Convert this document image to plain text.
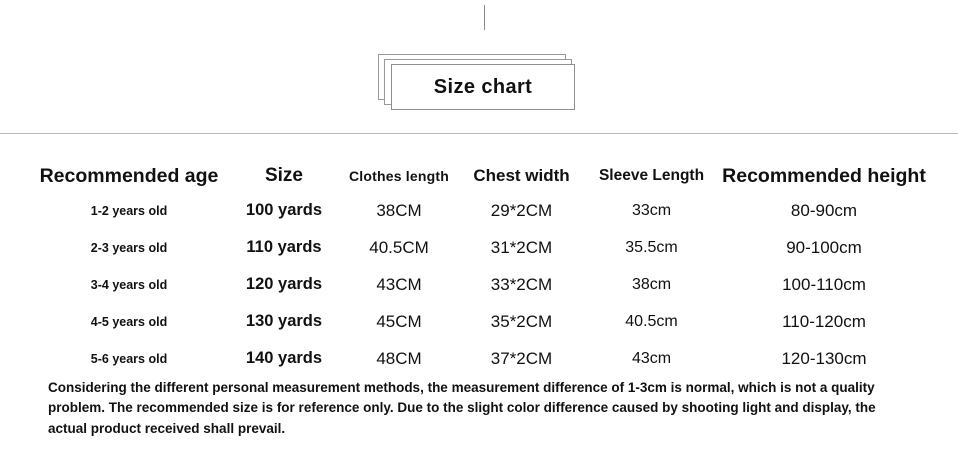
Size chart
Recommended age	Size	Clothes length	Chest width	Sleeve Length	Recommended height
1-2 years old	100 yards	38CM	29*2CM	33cm	80-90cm
2-3 years old	110 yards	40.5CM	31*2CM	35.5cm	90-100cm
3-4 years old	120 yards	43CM	33*2CM	38cm	100-110cm
4-5 years old	130 yards	45CM	35*2CM	40.5cm	110-120cm
5-6 years old	140 yards	48CM	37*2CM	43cm	120-130cm
Considering the different personal measurement methods, the measurement difference of 1-3cm is normal, which is not a quality problem. The recommended size is for reference only. Due to the slight color difference caused by shooting light and display, the actual product received shall prevail.
